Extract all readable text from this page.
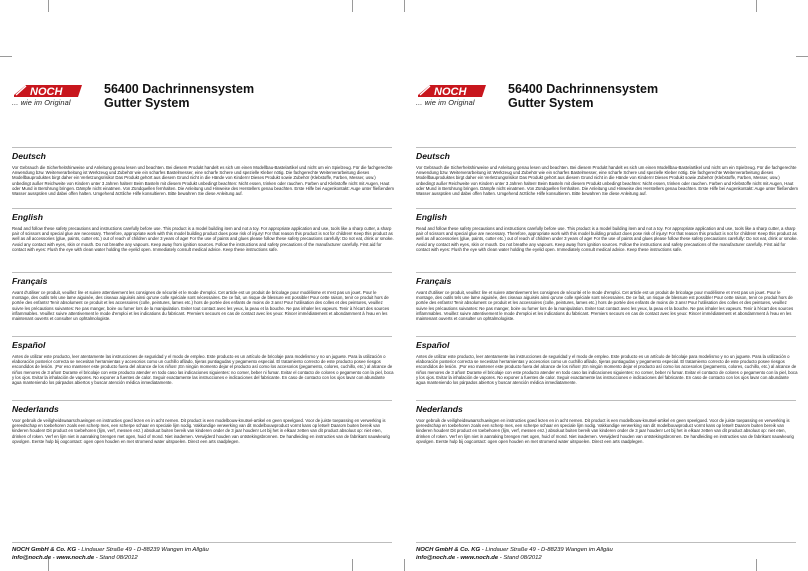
NOCH
... wie im Original
56400 Dachrinnensystem
Gutter System
Deutsch
Vor Gebrauch die Sicherheitshinweise und Anleitung genau lesen und beachten. Bei diesem Produkt handelt es sich um einen Modellbau-Bastelartikel und nicht um ein Spielzeug. Für die fachgerechte Anwendung bzw. Weiterverarbeitung ist Werkzeug und Zubehör wie ein scharfes Bastelmesser, eine scharfe Schere und spezielle Kleber nötig. Die fachgerechte Weiterverarbeitung dieses Modellbauproduktes birgt daher ein Verletzungsrisiko! Das Produkt gehört aus diesem Grund nicht in die Hände von Kindern! Dieses Produkt sowie Zubehör (Klebstoffe, Farben, Messer, usw.) unbedingt außer Reichweite von Kindern unter 3 Jahren halten! Beim Basteln mit diesem Produkt unbedingt beachten: Nicht essen, trinken oder rauchen. Farben und Klebstoffe nicht mit Augen, Haut oder Mund in Berührung bringen. Dämpfe nicht einatmen. Von Zündquellen fernhalten. Die Anleitung und Hinweise des Herstellers genau beachten. Erste Hilfe bei Augenkontakt: Auge unter fließendem Wasser ausspülen und dabei offen halten. Umgehend ärztliche Hilfe konsultieren. Bitte bewahren Sie diese Anleitung auf.
English
Read and follow these safety precautions and instructions carefully before use. This product is a model building item and not a toy. For appropriate application and use, tools like a sharp cutter, a sharp pair of scissors and special glue are necessary. Therefore, appropriate work with this model building product does pose risk of injury! For that reason this product is not for children! Keep this product as well as all accessories (glue, paints, cutter etc.) out of reach of children under 3 years of age! For the use of paints and glues please follow these safety precautions carefully: Do not eat, drink or smoke. Avoid any contact with eyes, skin or mouth. Do not breathe any vapours. Keep away from ignition sources. Follow the instructions and safety precautions of the manufacturer carefully. First aid for contact with eyes: Flush the eye with clean water holding the eyelid open. Immediately consult medical advice. Keep these instructions safe.
Français
Avant d'utiliser ce produit, veuillez lire et suivre attentivement les consignes de sécurité et le mode d'emploi. Cet article est un produit de bricolage pour modélisme et n'est pas un jouet. Pour le montage, des outils tels une lame aiguisée, des ciseaux aiguisés ainsi qu'une colle spéciale sont nécessaires. De ce fait, un risque de blessure est possible! Pour cette raison, tenir ce produit hors de portée des enfants! Tenir absolument ce produit et les accessoires (colle, peintures, lames etc.) hors de portée des enfants de moins de 3 ans! Pour l'utilisation des colles et des peintures, veuillez suivre les précautions suivantes: Ne pas manger, boire ou fumer lors de la manipulation. Eviter tout contact avec les yeux, la peau et la bouche. Ne pas inhaler les vapeurs. Tenir à l'écart des sources inflammables. Veuillez suivre attentivement le mode d'emploi et les indications du fabricant. Premiers secours en cas de contact avec les yeux: Rincer immédiatement et abondamment à l'eau en les maintenant ouverts et consulter un ophtalmologiste.
Español
Antes de utilizar este producto, leer atentamente las instrucciones de seguridad y el modo de empleo. Este producto es un artículo de bricolaje para modelismo y no un juguete. Para la utilización o elaboración posterior correcta se necesitan herramientas y accesorios como un cuchillo afilado, tijeras puntiagudas y pegamento especial. El tratamiento correcto de este producto posee riesgos escondidos de lesión. ¡Por eso mantener este producto fuera del alcance de los niños! ¡En ningún momento dejar el producto así como los accesorios (pegamento, colores, cuchillo, etc.) al alcance de niños menores de 3 años! Durante el bricolaje con este producto atender en todo caso las indicaciones siguientes: no comer, beber ni fumar. Evitar el contacto de colores o pegamento con la piel, boca y los ojos. Evitar la inhalación de vapores. No exponer a fuentes de calor. Seguir exactamente las instrucciones e indicaciones del fabricante. En caso de contacto con los ojos lavar con abundante agua manteniendo los párpados abiertos y buscar atención médica inmediatamente.
Nederlands
Voor gebruik de veiligheidswaarschuwingen en instructies goed lezen en in acht nemen. Dit product is een modelbouw-knutsel-artikel en geen speelgoed. Voor de juiste toepassing en verwerking is gereedschap en toebehoren zoals een scherp mes, een scherpe schaar en speciale lijm nodig. Vakkundige verwerking van dit modelbouwproduct vormt kans op letsel! Daarom buiten bereik van kinderen houden! Dit product en toebehoren (lijm, verf, messen enz.) absoluut buiten bereik van kinderen onder de 3 jaar houden! Let bij het in elkaar zetten van dit product absoluut op: niet eten, drinken of roken. Verf en lijm niet in aanraking brengen met ogen, huid of mond. Niet inademen. Verwijderd houden van ontstekingsbronnen. De handleiding en instructies van de fabrikant nauwkeurig opvolgen. Eerste hulp bij oogcontact: ogen open houden en met stromend water uitspoelen. Direct een arts raadplegen.
NOCH GmbH & Co. KG - Lindauer Straße 49 - D-88239 Wangen im Allgäu
info@noch.de - www.noch.de - Stand 08/2012
NOCH
... wie im Original
56400 Dachrinnensystem
Gutter System
Deutsch
Vor Gebrauch die Sicherheitshinweise und Anleitung genau lesen und beachten. Bei diesem Produkt handelt es sich um einen Modellbau-Bastelartikel und nicht um ein Spielzeug. Für die fachgerechte Anwendung bzw. Weiterverarbeitung ist Werkzeug und Zubehör wie ein scharfes Bastelmesser, eine scharfe Schere und spezielle Kleber nötig. Die fachgerechte Weiterverarbeitung dieses Modellbauproduktes birgt daher ein Verletzungsrisiko! Das Produkt gehört aus diesem Grund nicht in die Hände von Kindern! Dieses Produkt sowie Zubehör (Klebstoffe, Farben, Messer, usw.) unbedingt außer Reichweite von Kindern unter 3 Jahren halten! Beim Basteln mit diesem Produkt unbedingt beachten: Nicht essen, trinken oder rauchen. Farben und Klebstoffe nicht mit Augen, Haut oder Mund in Berührung bringen. Dämpfe nicht einatmen. Von Zündquellen fernhalten. Die Anleitung und Hinweise des Herstellers genau beachten. Erste Hilfe bei Augenkontakt: Auge unter fließendem Wasser ausspülen und dabei offen halten. Umgehend ärztliche Hilfe konsultieren. Bitte bewahren Sie diese Anleitung auf.
English
Read and follow these safety precautions and instructions carefully before use. This product is a model building item and not a toy. For appropriate application and use, tools like a sharp cutter, a sharp pair of scissors and special glue are necessary. Therefore, appropriate work with this model building product does pose risk of injury! For that reason this product is not for children! Keep this product as well as all accessories (glue, paints, cutter etc.) out of reach of children under 3 years of age! For the use of paints and glues please follow these safety precautions carefully: Do not eat, drink or smoke. Avoid any contact with eyes, skin or mouth. Do not breathe any vapours. Keep away from ignition sources. Follow the instructions and safety precautions of the manufacturer carefully. First aid for contact with eyes: Flush the eye with clean water holding the eyelid open. Immediately consult medical advice. Keep these instructions safe.
Français
Avant d'utiliser ce produit, veuillez lire et suivre attentivement les consignes de sécurité et le mode d'emploi. Cet article est un produit de bricolage pour modélisme et n'est pas un jouet. Pour le montage, des outils tels une lame aiguisée, des ciseaux aiguisés ainsi qu'une colle spéciale sont nécessaires. De ce fait, un risque de blessure est possible! Pour cette raison, tenir ce produit hors de portée des enfants! Tenir absolument ce produit et les accessoires (colle, peintures, lames etc.) hors de portée des enfants de moins de 3 ans! Pour l'utilisation des colles et des peintures, veuillez suivre les précautions suivantes: Ne pas manger, boire ou fumer lors de la manipulation. Eviter tout contact avec les yeux, la peau et la bouche. Ne pas inhaler les vapeurs. Tenir à l'écart des sources inflammables. Veuillez suivre attentivement le mode d'emploi et les indications du fabricant. Premiers secours en cas de contact avec les yeux: Rincer immédiatement et abondamment à l'eau en les maintenant ouverts et consulter un ophtalmologiste.
Español
Antes de utilizar este producto, leer atentamente las instrucciones de seguridad y el modo de empleo. Este producto es un artículo de bricolaje para modelismo y no un juguete. Para la utilización o elaboración posterior correcta se necesitan herramientas y accesorios como un cuchillo afilado, tijeras puntiagudas y pegamento especial. El tratamiento correcto de este producto posee riesgos escondidos de lesión. ¡Por eso mantener este producto fuera del alcance de los niños! ¡En ningún momento dejar el producto así como los accesorios (pegamento, colores, cuchillo, etc.) al alcance de niños menores de 3 años! Durante el bricolaje con este producto atender en todo caso las indicaciones siguientes: no comer, beber ni fumar. Evitar el contacto de colores o pegamento con la piel, boca y los ojos. Evitar la inhalación de vapores. No exponer a fuentes de calor. Seguir exactamente las instrucciones e indicaciones del fabricante. En caso de contacto con los ojos lavar con abundante agua manteniendo los párpados abiertos y buscar atención médica inmediatamente.
Nederlands
Voor gebruik de veiligheidswaarschuwingen en instructies goed lezen en in acht nemen. Dit product is een modelbouw-knutsel-artikel en geen speelgoed. Voor de juiste toepassing en verwerking is gereedschap en toebehoren zoals een scherp mes, een scherpe schaar en speciale lijm nodig. Vakkundige verwerking van dit modelbouwproduct vormt kans op letsel! Daarom buiten bereik van kinderen houden! Dit product en toebehoren (lijm, verf, messen enz.) absoluut buiten bereik van kinderen onder de 3 jaar houden! Let bij het in elkaar zetten van dit product absoluut op: niet eten, drinken of roken. Verf en lijm niet in aanraking brengen met ogen, huid of mond. Niet inademen. Verwijderd houden van ontstekingsbronnen. De handleiding en instructies van de fabrikant nauwkeurig opvolgen. Eerste hulp bij oogcontact: ogen open houden en met stromend water uitspoelen. Direct een arts raadplegen.
NOCH GmbH & Co. KG - Lindauer Straße 49 - D-88239 Wangen im Allgäu
info@noch.de - www.noch.de - Stand 08/2012
